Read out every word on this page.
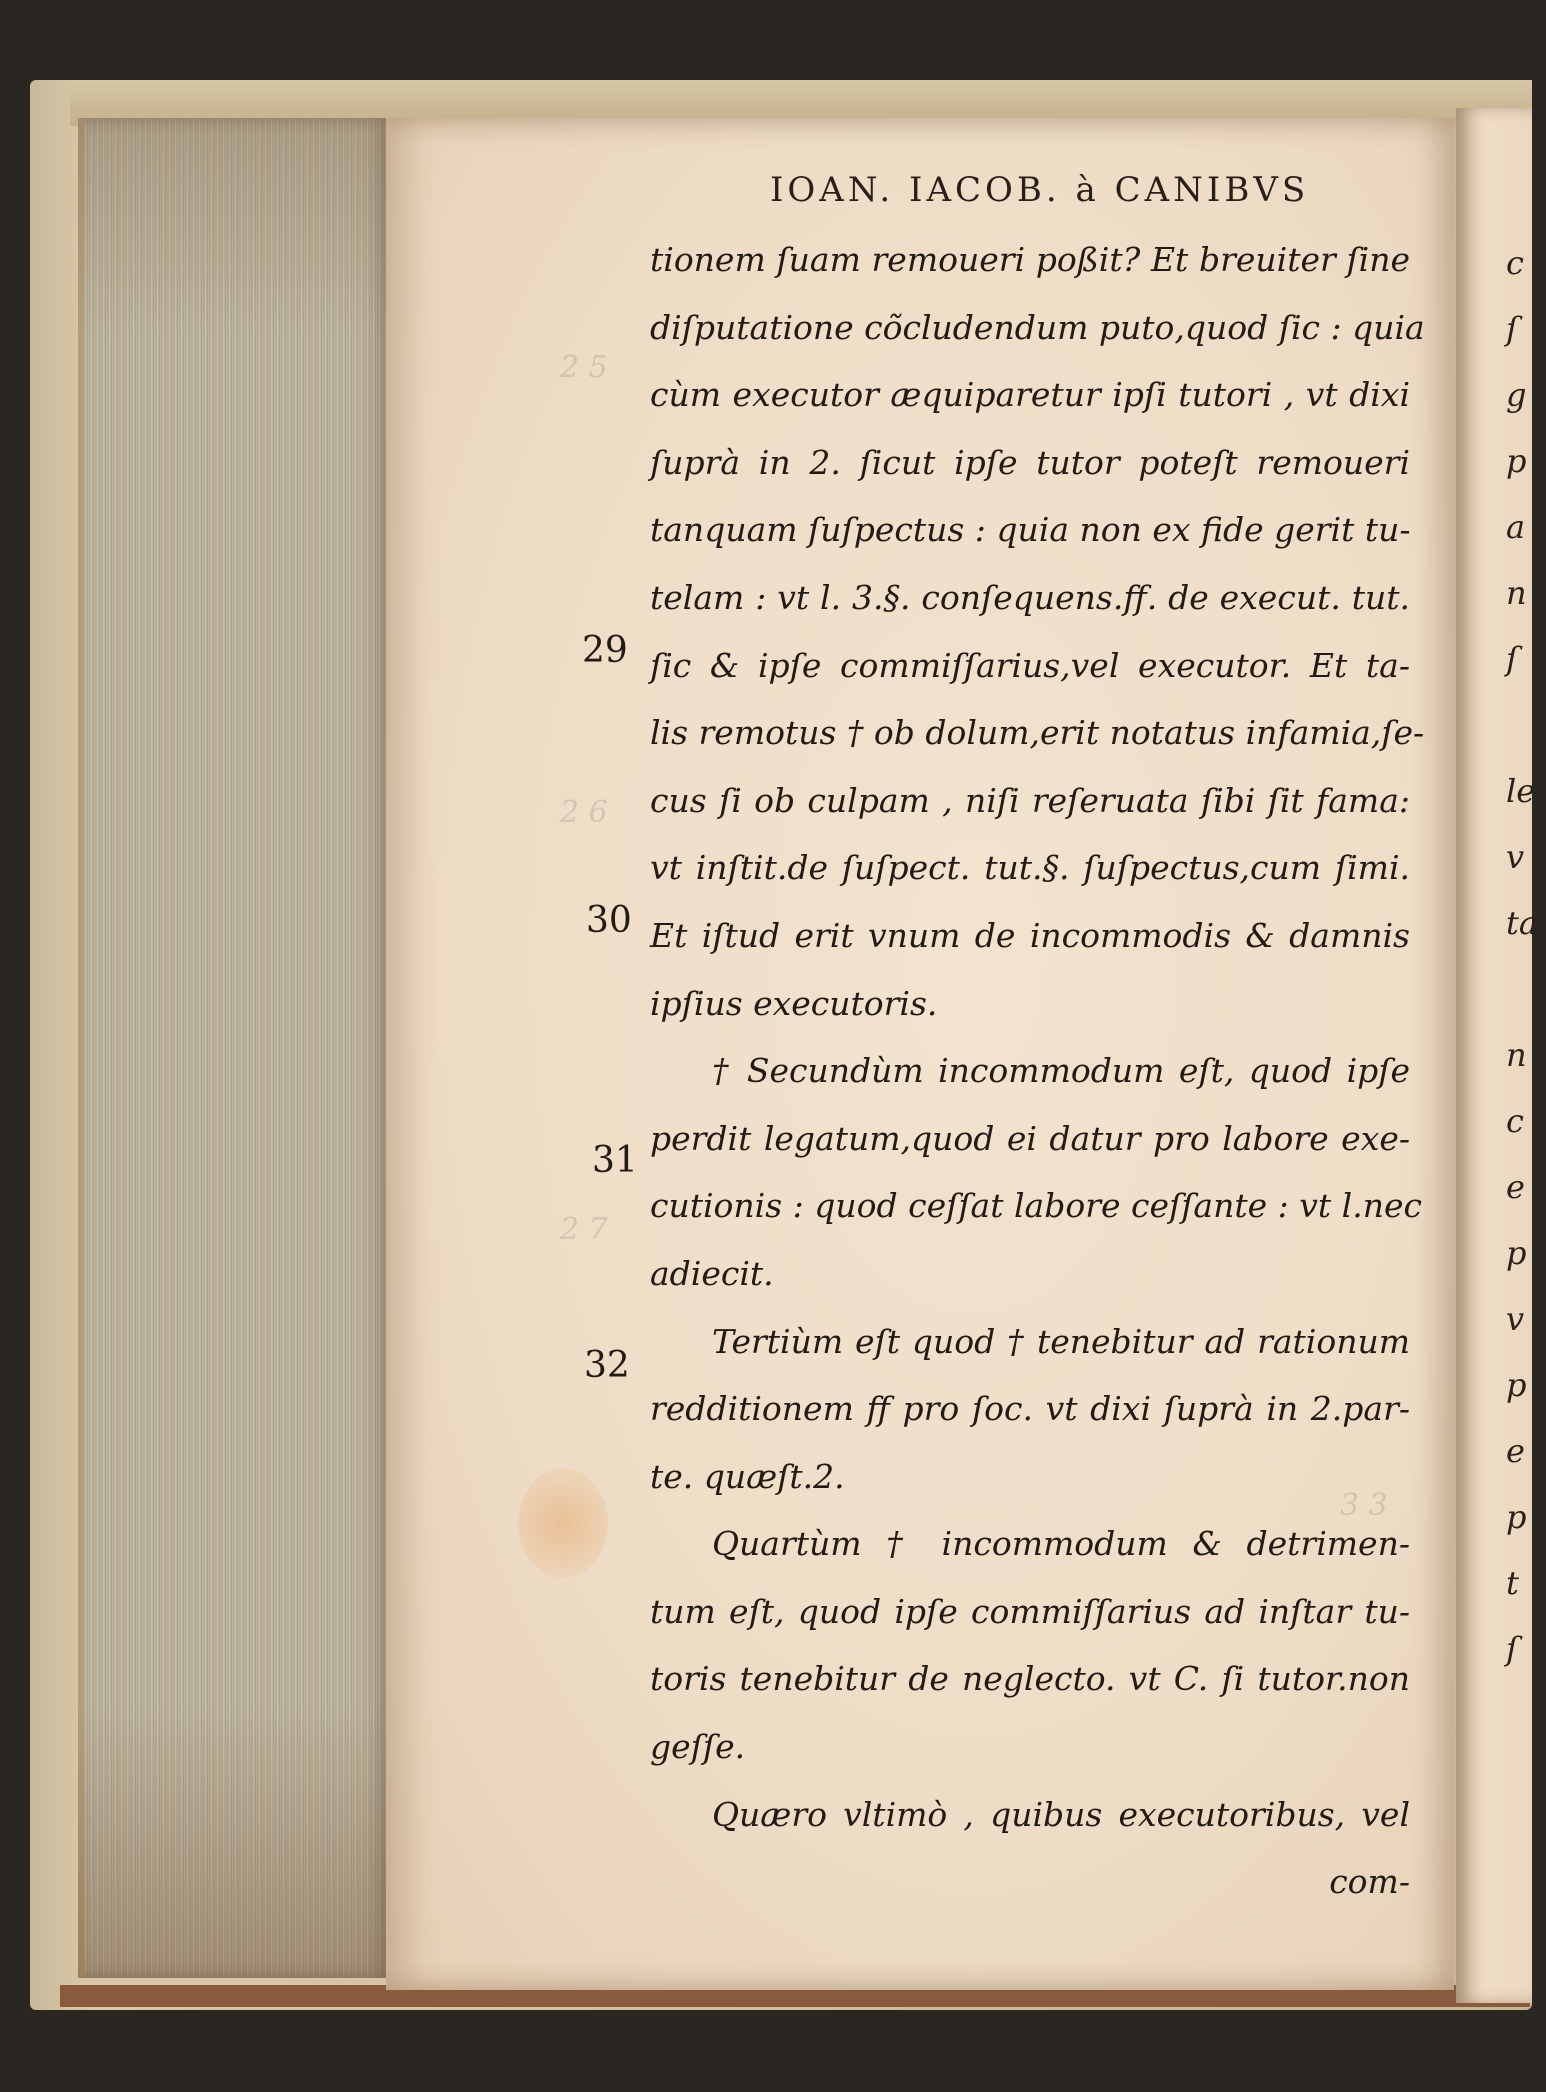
2 5
2 6
2 7
3 3
c
ſ
g
p
a
n
ſ
le
v
ta
n
c
e
p
v
p
e
p
t
ſ
IOAN. IACOB. à CANIBVS
tionem ſuam remoueri poßit? Et breuiter ſine
diſputatione cõcludendum puto,quod ſic : quia
cùm executor æquiparetur ipſi tutori , vt dixi
ſuprà in 2. ſicut ipſe tutor poteſt remoueri
tanquam ſuſpectus : quia non ex fide gerit tu-
telam : vt l. 3.§. conſequens.ff. de execut. tut.
ſic & ipſe commiſſarius,vel executor. Et ta-
lis remotus † ob dolum,erit notatus infamia,ſe-
cus ſi ob culpam , niſi reſeruata ſibi ſit fama:
vt inſtit.de ſuſpect. tut.§. ſuſpectus,cum ſimi.
Et iſtud erit vnum de incommodis & damnis
ipſius executoris.
† Secundùm incommodum eſt, quod ipſe
perdit legatum,quod ei datur pro labore exe-
cutionis : quod ceſſat labore ceſſante : vt l.nec
adiecit.
Tertiùm eſt quod † tenebitur ad rationum
redditionem ff pro ſoc. vt dixi ſuprà in 2.par-
te. quæſt.2.
Quartùm † incommodum & detrimen-
tum eſt, quod ipſe commiſſarius ad inſtar tu-
toris tenebitur de neglecto. vt C. ſi tutor.non
geſſe.
Quæro vltimò , quibus executoribus, vel
com-
29
30
31
32
